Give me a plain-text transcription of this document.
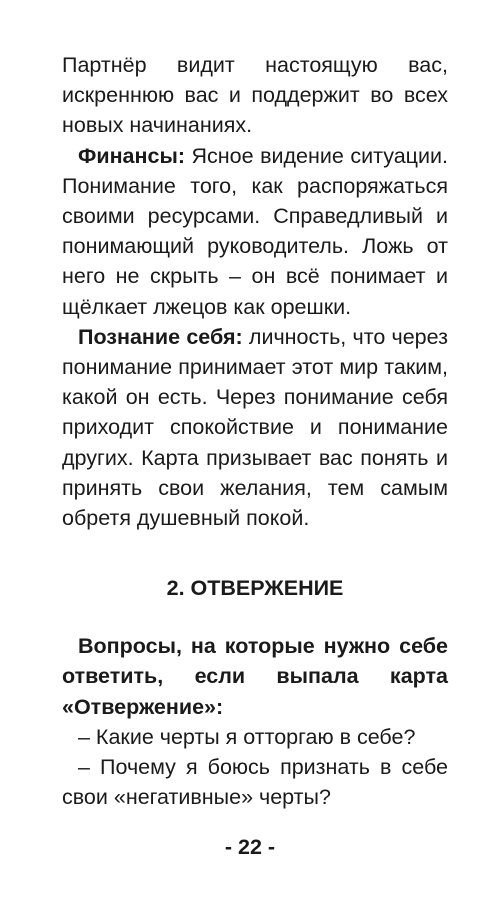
Партнёр видит настоящую вас, искреннюю вас и поддержит во всех новых начинаниях.

Финансы: Ясное видение ситуации. Понимание того, как распоряжаться своими ресурсами. Справедливый и понимающий руководитель. Ложь от него не скрыть – он всё понимает и щёлкает лжецов как орешки.

Познание себя: личность, что через понимание принимает этот мир таким, какой он есть. Через понимание себя приходит спокойствие и понимание других. Карта призывает вас понять и принять свои желания, тем самым обретя душевный покой.

2. ОТВЕРЖЕНИЕ

Вопросы, на которые нужно себе ответить, если выпала карта «Отвержение»:

– Какие черты я отторгаю в себе?

– Почему я боюсь признать в себе свои «негативные» черты?

- 22 -
